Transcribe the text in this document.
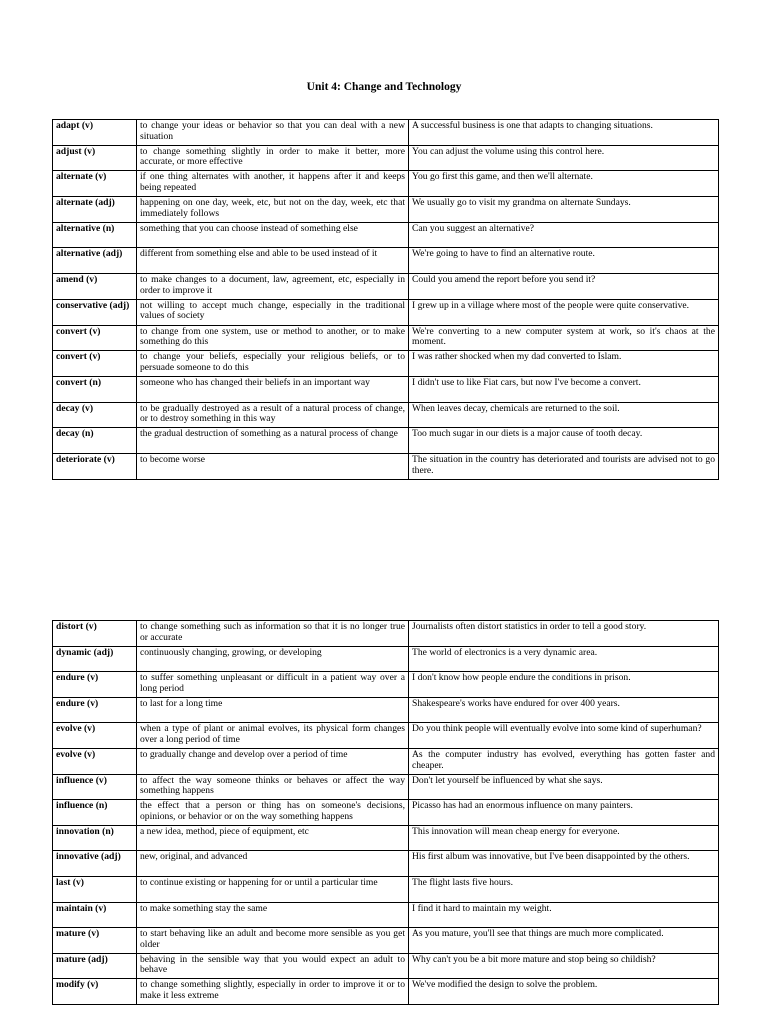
Unit 4: Change and Technology
adapt (v)	to change your ideas or behavior so that you can deal with a new situation	A successful business is one that adapts to changing situations.
adjust (v)	to change something slightly in order to make it better, more accurate, or more effective	You can adjust the volume using this control here.
alternate (v)	if one thing alternates with another, it happens after it and keeps being repeated	You go first this game, and then we'll alternate.
alternate (adj)	happening on one day, week, etc, but not on the day, week, etc that immediately follows	We usually go to visit my grandma on alternate Sundays.
alternative (n)	something that you can choose instead of something else	Can you suggest an alternative?
alternative (adj)	different from something else and able to be used instead of it	We're going to have to find an alternative route.
amend (v)	to make changes to a document, law, agreement, etc, especially in order to improve it	Could you amend the report before you send it?
conservative (adj)	not willing to accept much change, especially in the traditional values of society	I grew up in a village where most of the people were quite conservative.
convert (v)	to change from one system, use or method to another, or to make something do this	We're converting to a new computer system at work, so it's chaos at the moment.
convert (v)	to change your beliefs, especially your religious beliefs, or to persuade someone to do this	I was rather shocked when my dad converted to Islam.
convert (n)	someone who has changed their beliefs in an important way	I didn't use to like Fiat cars, but now I've become a convert.
decay (v)	to be gradually destroyed as a result of a natural process of change, or to destroy something in this way	When leaves decay, chemicals are returned to the soil.
decay (n)	the gradual destruction of something as a natural process of change	Too much sugar in our diets is a major cause of tooth decay.
deteriorate (v)	to become worse	The situation in the country has deteriorated and tourists are advised not to go there.
distort (v)	to change something such as information so that it is no longer true or accurate	Journalists often distort statistics in order to tell a good story.
dynamic (adj)	continuously changing, growing, or developing	The world of electronics is a very dynamic area.
endure (v)	to suffer something unpleasant or difficult in a patient way over a long period	I don't know how people endure the conditions in prison.
endure (v)	to last for a long time	Shakespeare's works have endured for over 400 years.
evolve (v)	when a type of plant or animal evolves, its physical form changes over a long period of time	Do you think people will eventually evolve into some kind of superhuman?
evolve (v)	to gradually change and develop over a period of time	As the computer industry has evolved, everything has gotten faster and cheaper.
influence (v)	to affect the way someone thinks or behaves or affect the way something happens	Don't let yourself be influenced by what she says.
influence (n)	the effect that a person or thing has on someone's decisions, opinions, or behavior or on the way something happens	Picasso has had an enormous influence on many painters.
innovation (n)	a new idea, method, piece of equipment, etc	This innovation will mean cheap energy for everyone.
innovative (adj)	new, original, and advanced	His first album was innovative, but I've been disappointed by the others.
last (v)	to continue existing or happening for or until a particular time	The flight lasts five hours.
maintain (v)	to make something stay the same	I find it hard to maintain my weight.
mature (v)	to start behaving like an adult and become more sensible as you get older	As you mature, you'll see that things are much more complicated.
mature (adj)	behaving in the sensible way that you would expect an adult to behave	Why can't you be a bit more mature and stop being so childish?
modify (v)	to change something slightly, especially in order to improve it or to make it less extreme	We've modified the design to solve the problem.
